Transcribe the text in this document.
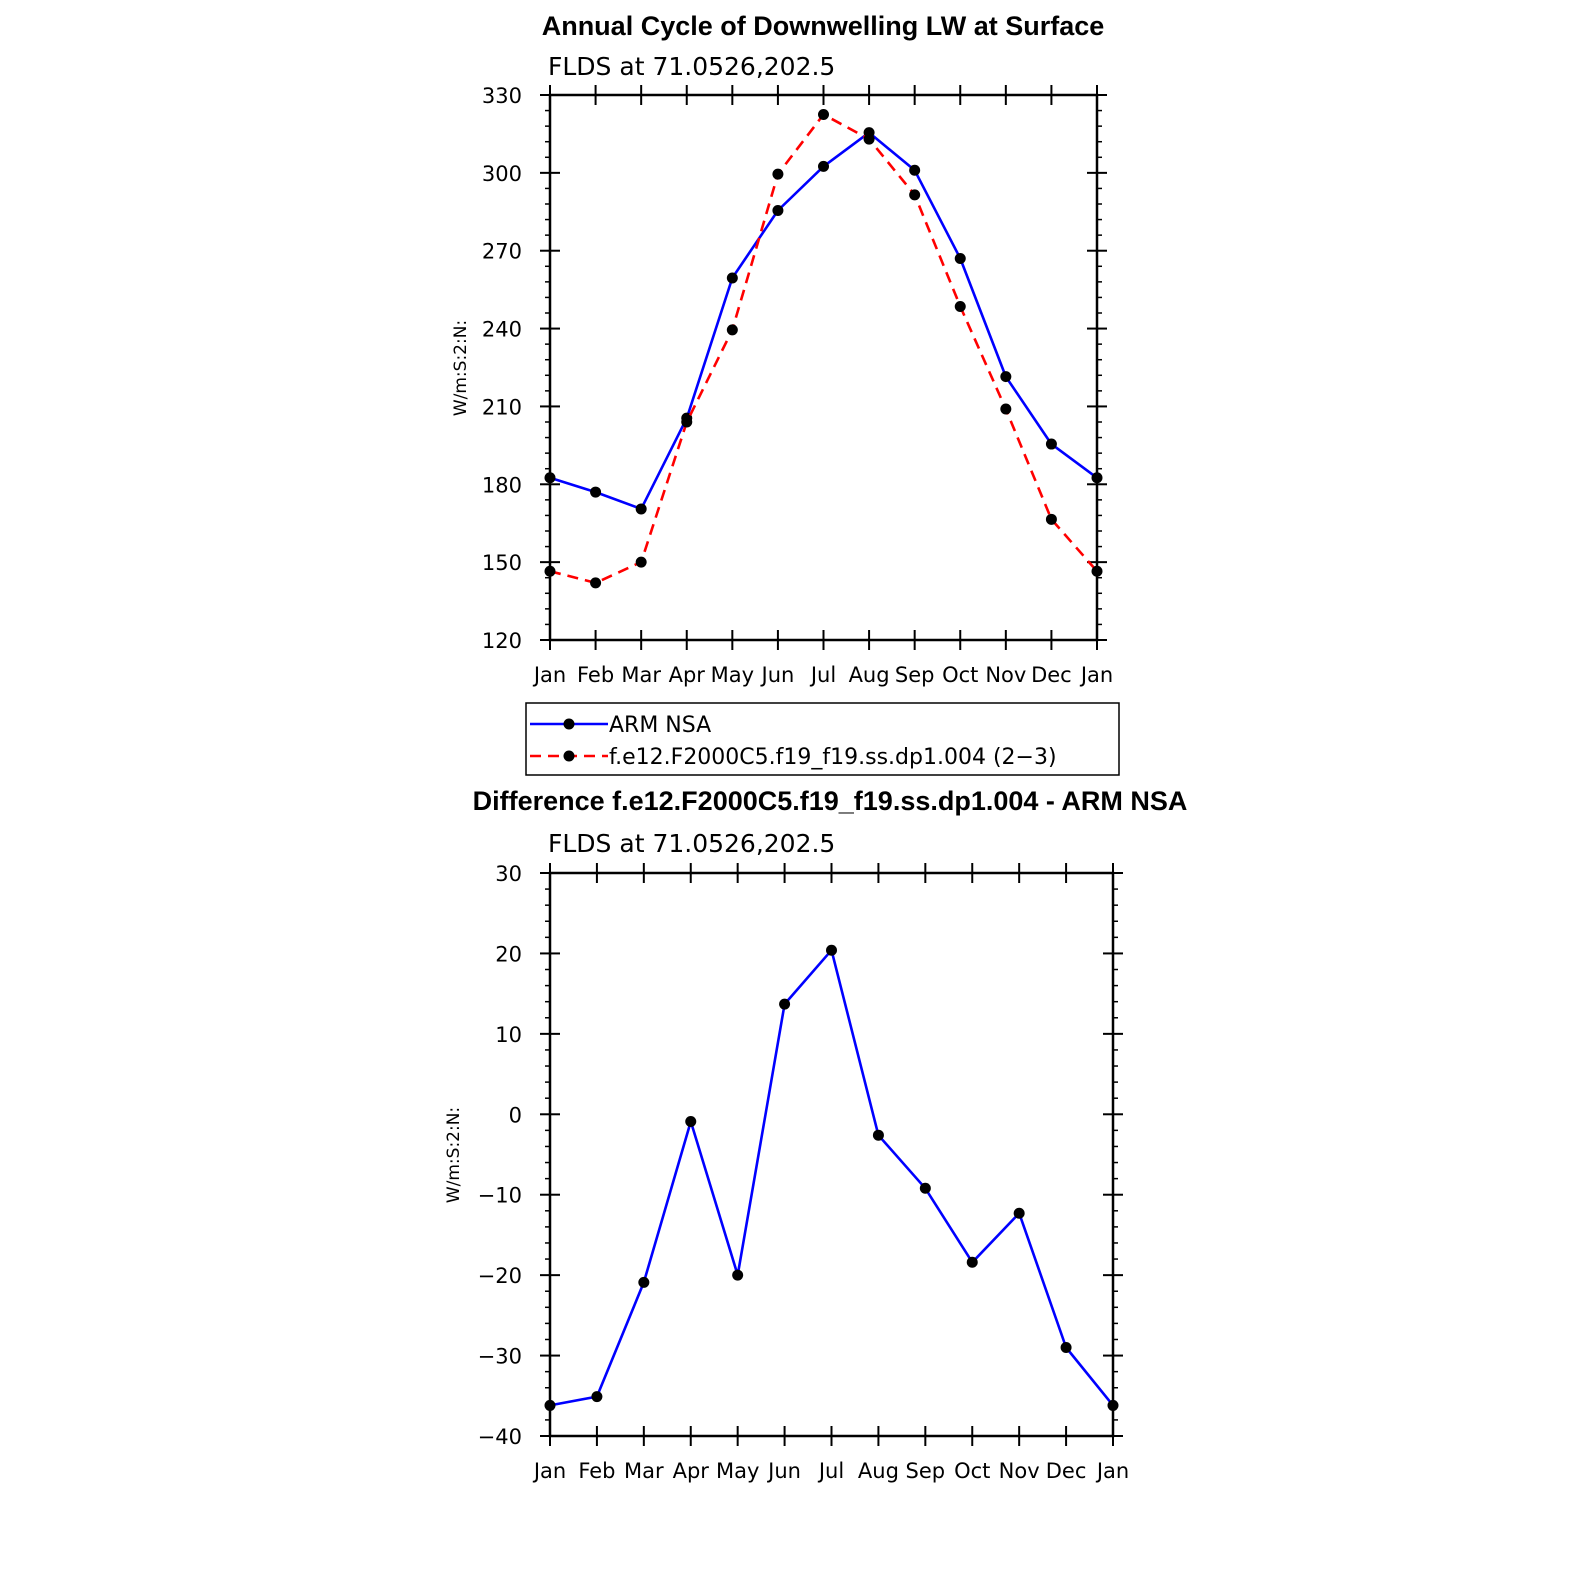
Annual Cycle of Downwelling LW at Surface
FLDS at 71.0526,202.5
W/m:S:2:N:
120
150
180
210
240
270
300
330
Jan Feb Mar Apr May Jun Jul Aug Sep Oct Nov Dec Jan
ARM NSA
f.e12.F2000C5.f19_f19.ss.dp1.004 (2−3)
Difference f.e12.F2000C5.f19_f19.ss.dp1.004 - ARM NSA
FLDS at 71.0526,202.5
W/m:S:2:N:
−40
−30
−20
−10
0
10
20
30
Jan Feb Mar Apr May Jun Jul Aug Sep Oct Nov Dec Jan
